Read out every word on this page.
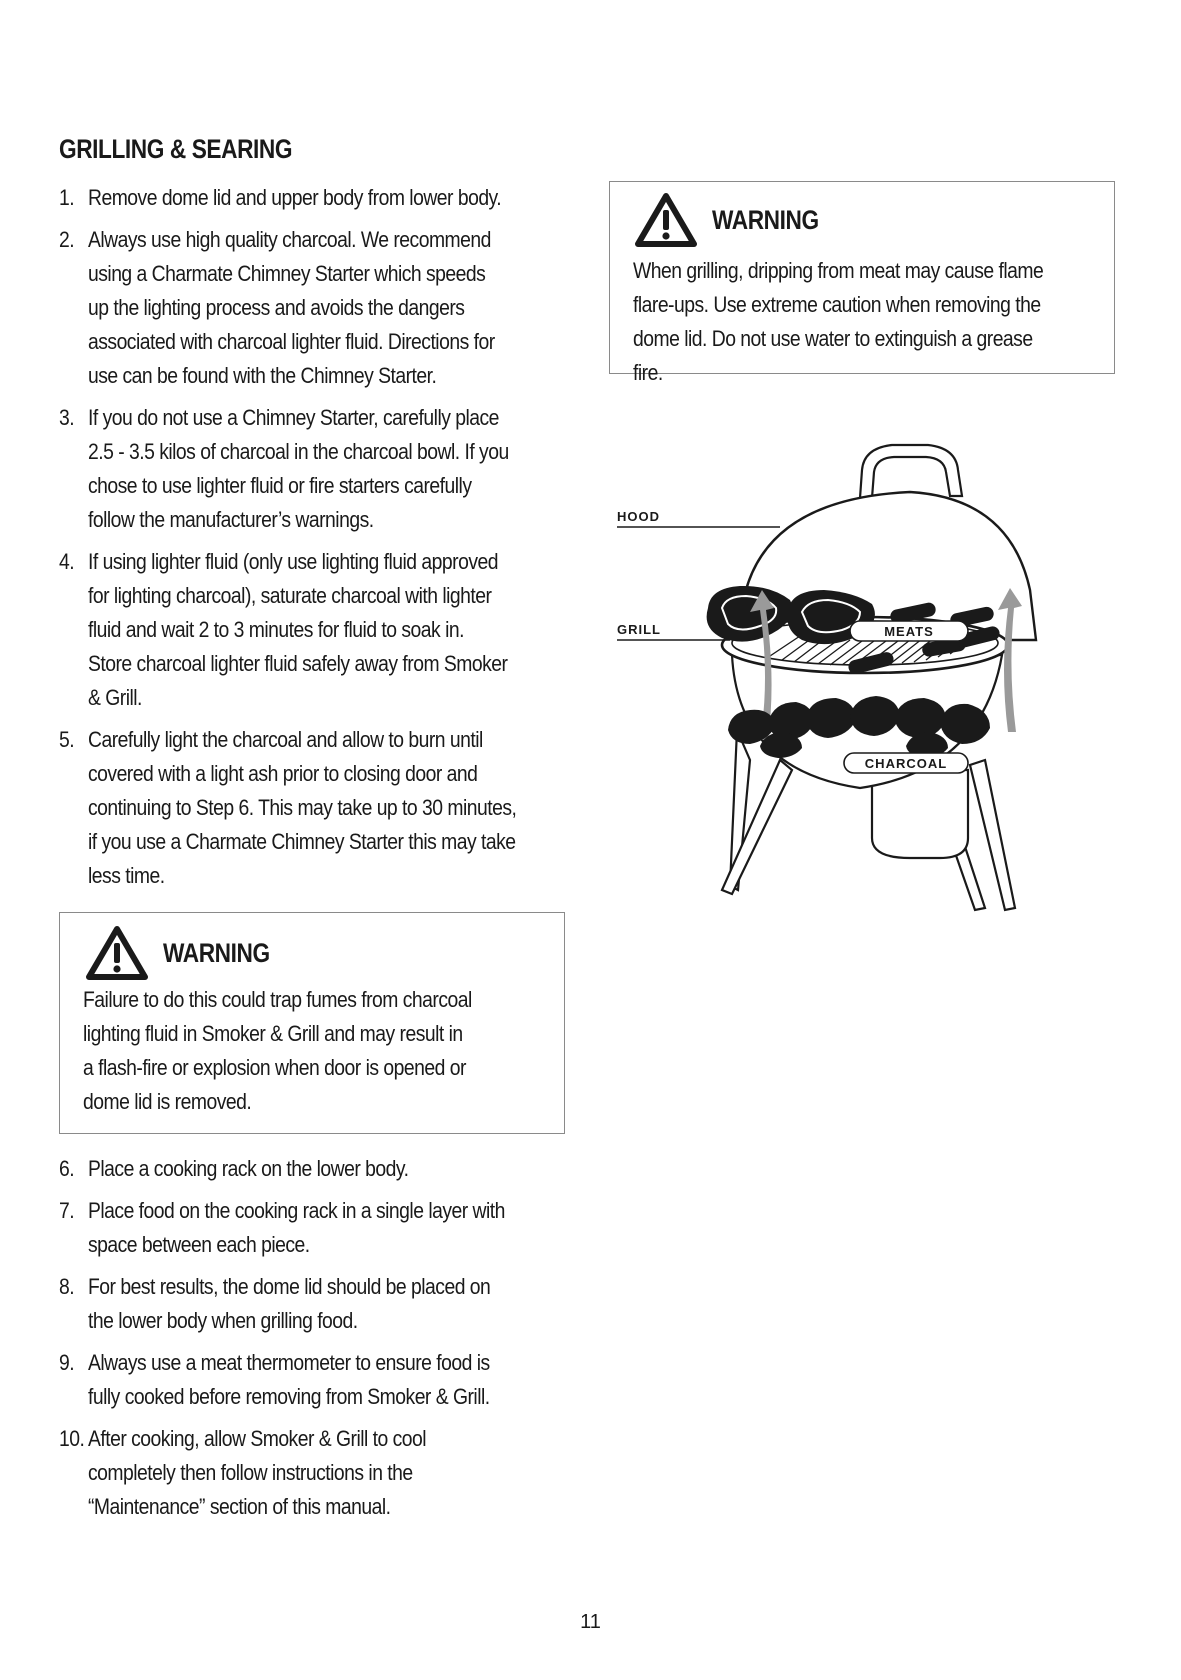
GRILLING & SEARING
1. Remove dome lid and upper body from lower body.
2. Always use high quality charcoal. We recommend
using a Charmate Chimney Starter which speeds
up the lighting process and avoids the dangers
associated with charcoal lighter fluid. Directions for
use can be found with the Chimney Starter.
3. If you do not use a Chimney Starter, carefully place
2.5 - 3.5 kilos of charcoal in the charcoal bowl. If you
chose to use lighter fluid or fire starters carefully
follow the manufacturer’s warnings.
4. If using lighter fluid (only use lighting fluid approved
for lighting charcoal), saturate charcoal with lighter
fluid and wait 2 to 3 minutes for fluid to soak in.
Store charcoal lighter fluid safely away from Smoker
& Grill.
5. Carefully light the charcoal and allow to burn until
covered with a light ash prior to closing door and
continuing to Step 6. This may take up to 30 minutes,
if you use a Charmate Chimney Starter this may take
less time.
WARNING
Failure to do this could trap fumes from charcoal
lighting fluid in Smoker & Grill and may result in
a flash-fire or explosion when door is opened or
dome lid is removed.
6. Place a cooking rack on the lower body.
7. Place food on the cooking rack in a single layer with
space between each piece.
8. For best results, the dome lid should be placed on
the lower body when grilling food.
9. Always use a meat thermometer to ensure food is
fully cooked before removing from Smoker & Grill.
10. After cooking, allow Smoker & Grill to cool
completely then follow instructions in the
“Maintenance” section of this manual.
WARNING
When grilling, dripping from meat may cause flame
flare-ups. Use extreme caution when removing the
dome lid. Do not use water to extinguish a grease fire.
HOOD
GRILL	MEATS
CHARCOAL
11
